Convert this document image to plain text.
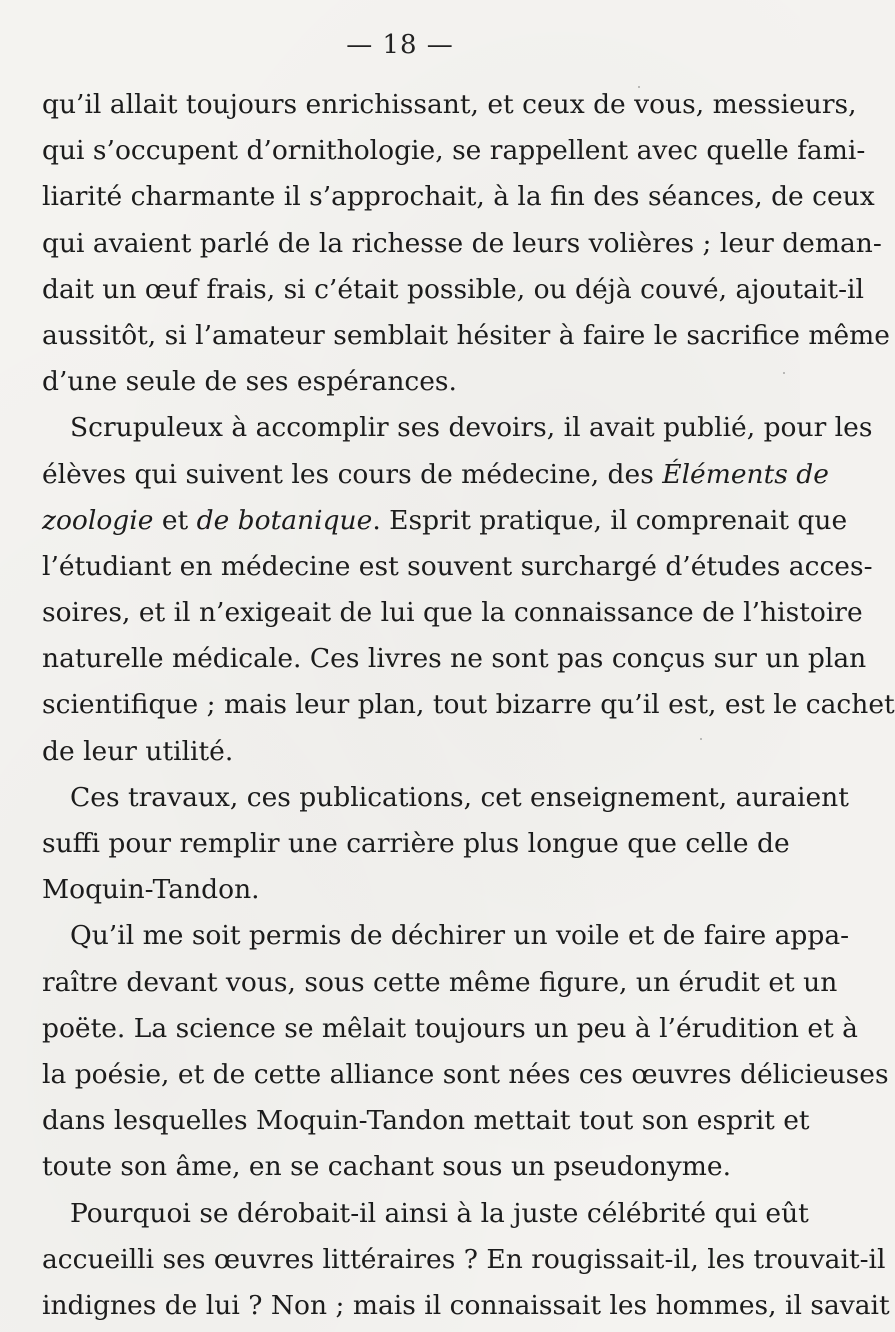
— 18 —
qu’il allait toujours enrichissant, et ceux de vous, messieurs,
qui s’occupent d’ornithologie, se rappellent avec quelle fami-
liarité charmante il s’approchait, à la fin des séances, de ceux
qui avaient parlé de la richesse de leurs volières ; leur deman-
dait un œuf frais, si c’était possible, ou déjà couvé, ajoutait-il
aussitôt, si l’amateur semblait hésiter à faire le sacrifice même
d’une seule de ses espérances.
Scrupuleux à accomplir ses devoirs, il avait publié, pour les
élèves qui suivent les cours de médecine, des Éléments de
zoologie et de botanique. Esprit pratique, il comprenait que
l’étudiant en médecine est souvent surchargé d’études acces-
soires, et il n’exigeait de lui que la connaissance de l’histoire
naturelle médicale. Ces livres ne sont pas conçus sur un plan
scientifique ; mais leur plan, tout bizarre qu’il est, est le cachet
de leur utilité.
Ces travaux, ces publications, cet enseignement, auraient
suffi pour remplir une carrière plus longue que celle de
Moquin-Tandon.
Qu’il me soit permis de déchirer un voile et de faire appa-
raître devant vous, sous cette même figure, un érudit et un
poëte. La science se mêlait toujours un peu à l’érudition et à
la poésie, et de cette alliance sont nées ces œuvres délicieuses
dans lesquelles Moquin-Tandon mettait tout son esprit et
toute son âme, en se cachant sous un pseudonyme.
Pourquoi se dérobait-il ainsi à la juste célébrité qui eût
accueilli ses œuvres littéraires ? En rougissait-il, les trouvait-il
indignes de lui ? Non ; mais il connaissait les hommes, il savait
